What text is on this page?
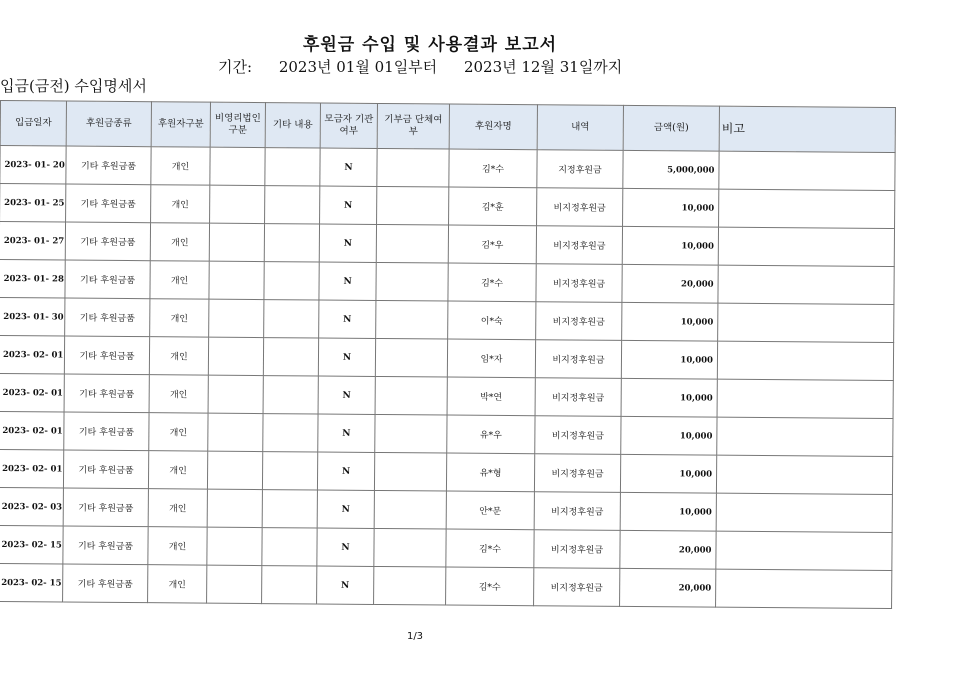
후원금 수입 및 사용결과 보고서
기간: 2023년 01월 01일부터 2023년 12월 31일까지
입금(금전) 수입명세서
입금일자	후원금종류	후원자구분	비영리법인구분	기타 내용	모금자 기관여부	기부금 단체여부	후원자명	내역	금액(원)	비고
2023- 01- 20	기타 후원금품	개인			N		김*수	지정후원금	5,000,000	
2023- 01- 25	기타 후원금품	개인			N		김*훈	비지정후원금	10,000	
2023- 01- 27	기타 후원금품	개인			N		김*우	비지정후원금	10,000	
2023- 01- 28	기타 후원금품	개인			N		김*수	비지정후원금	20,000	
2023- 01- 30	기타 후원금품	개인			N		이*숙	비지정후원금	10,000	
2023- 02- 01	기타 후원금품	개인			N		임*자	비지정후원금	10,000	
2023- 02- 01	기타 후원금품	개인			N		박*연	비지정후원금	10,000	
2023- 02- 01	기타 후원금품	개인			N		유*우	비지정후원금	10,000	
2023- 02- 01	기타 후원금품	개인			N		유*형	비지정후원금	10,000	
2023- 02- 03	기타 후원금품	개인			N		안*문	비지정후원금	10,000	
2023- 02- 15	기타 후원금품	개인			N		김*수	비지정후원금	20,000	
2023- 02- 15	기타 후원금품	개인			N		김*수	비지정후원금	20,000	
1/3
